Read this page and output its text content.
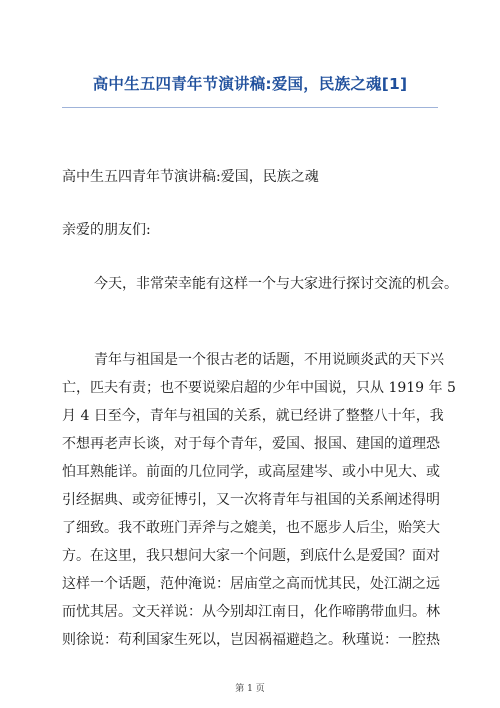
高中生五四青年节演讲稿:爱国，民族之魂[1]
高中生五四青年节演讲稿:爱国，民族之魂
亲爱的朋友们:
今天，非常荣幸能有这样一个与大家进行探讨交流的机会。
青年与祖国是一个很古老的话题，不用说顾炎武的天下兴
亡，匹夫有责；也不要说梁启超的少年中国说，只从 1919 年 5
月 4 日至今，青年与祖国的关系，就已经讲了整整八十年，我
不想再老声长谈，对于每个青年，爱国、报国、建国的道理恐
怕耳熟能详。前面的几位同学，或高屋建岑、或小中见大、或
引经据典、或旁征博引，又一次将青年与祖国的关系阐述得明
了细致。我不敢班门弄斧与之媲美，也不愿步人后尘，贻笑大
方。在这里，我只想问大家一个问题，到底什么是爱国？面对
这样一个话题，范仲淹说：居庙堂之高而忧其民，处江湖之远
而忧其居。文天祥说：从今别却江南日，化作啼鹃带血归。林
则徐说：苟利国家生死以，岂因祸福避趋之。秋瑾说：一腔热
第 1 页
